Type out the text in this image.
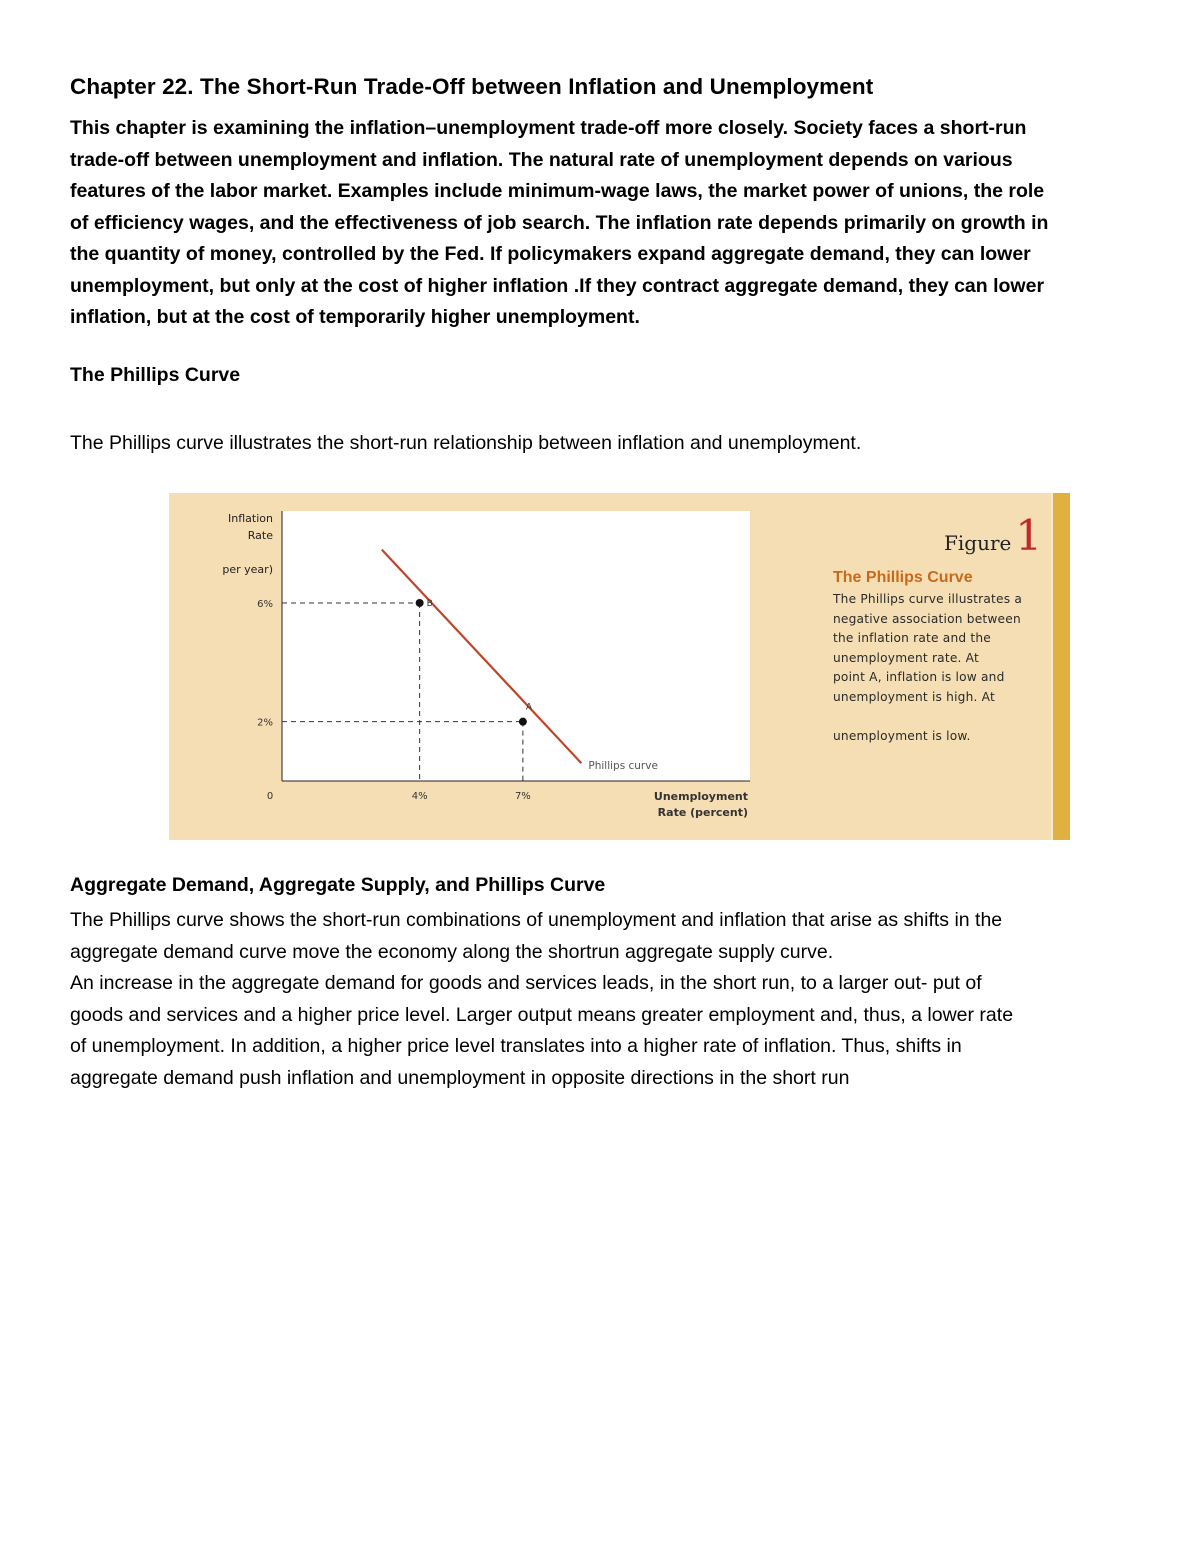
Chapter 22. The Short-Run Trade-Off between Inflation and Unemployment
This chapter is examining the inflation–unemployment trade-off more closely. Society faces a short-run
trade-off between unemployment and inflation. The natural rate of unemployment depends on various
features of the labor market. Examples include minimum-wage laws, the market power of unions, the role
of efficiency wages, and the effectiveness of job search. The inflation rate depends primarily on growth in
the quantity of money, controlled by the Fed. If policymakers expand aggregate demand, they can lower
unemployment, but only at the cost of higher inflation .If they contract aggregate demand, they can lower
inflation, but at the cost of temporarily higher unemployment.
The Phillips Curve
The Phillips curve illustrates the short-run relationship between inflation and unemployment.
Phillips curve
B
A
6%
2%
0	4%	7%
Inflation
Rate
per year)
Unemployment
Rate (percent)
Figure1
The Phillips Curve
The Phillips curve illustrates a
negative association between
the inflation rate and the
unemployment rate. At
point A, inflation is low and
unemployment is high. At

unemployment is low.
Aggregate Demand, Aggregate Supply, and Phillips Curve
The Phillips curve shows the short-run combinations of unemployment and inflation that arise as shifts in the
aggregate demand curve move the economy along the shortrun aggregate supply curve.
An increase in the aggregate demand for goods and services leads, in the short run, to a larger out- put of
goods and services and a higher price level. Larger output means greater employment and, thus, a lower rate
of unemployment. In addition, a higher price level translates into a higher rate of inflation. Thus, shifts in
aggregate demand push inflation and unemployment in opposite directions in the short run
